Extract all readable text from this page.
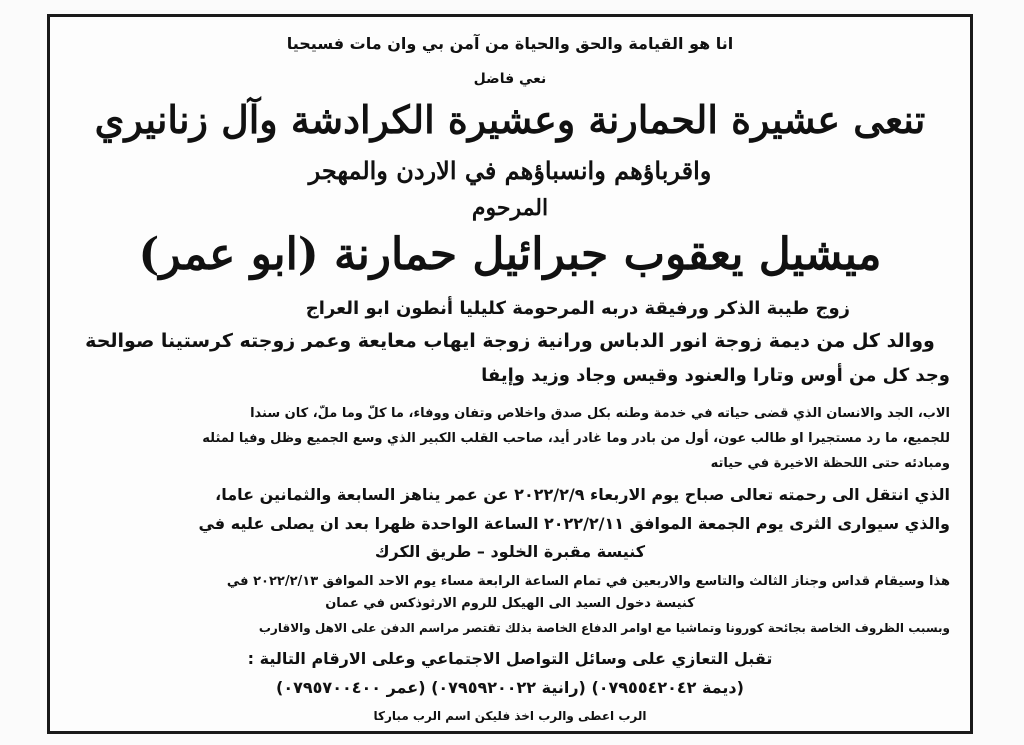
انا هو القيامة والحق والحياة من آمن بي وان مات فسيحيا
نعي فاضل
تنعى عشيرة الحمارنة وعشيرة الكرادشة وآل زنانيري
واقرباؤهم وانسباؤهم في الاردن والمهجر
المرحوم
ميشيل يعقوب جبرائيل حمارنة (ابو عمر)
زوج طيبة الذكر ورفيقة دربه المرحومة كليليا أنطون ابو العراج
ووالد كل من ديمة زوجة انور الدباس ورانية زوجة ايهاب معايعة وعمر زوجته كرستينا صوالحة
وجد كل من أوس وتارا والعنود وقيس وجاد وزيد وإيفا
الاب، الجد والانسان الذي قضى حياته في خدمة وطنه بكل صدق واخلاص وتفان ووفاء، ما كلّ وما ملّ، كان سندا
للجميع، ما رد مستجيرا او طالب عون، أول من بادر وما غادر أيد، صاحب القلب الكبير الذي وسع الجميع وظل وفيا لمثله
ومبادئه حتى اللحظة الاخيرة في حياته
الذي انتقل الى رحمته تعالى صباح يوم الاربعاء ٢٠٢٢/٢/٩ عن عمر يناهز السابعة والثمانين عاما،
والذي سيوارى الثرى يوم الجمعة الموافق ٢٠٢٢/٢/١١ الساعة الواحدة ظهرا بعد ان يصلى عليه في
كنيسة مقبرة الخلود – طريق الكرك
هذا وسيقام قداس وجناز الثالث والتاسع والاربعين في تمام الساعة الرابعة مساء يوم الاحد الموافق ٢٠٢٢/٢/١٣ في
كنيسة دخول السيد الى الهيكل للروم الارثوذكس في عمان
وبسبب الظروف الخاصة بجائحة كورونا وتماشيا مع اوامر الدفاع الخاصة بذلك تقتصر مراسم الدفن على الاهل والاقارب
تقبل التعازي على وسائل التواصل الاجتماعي وعلى الارقام التالية :
(ديمة ٠٧٩٥٥٤٢٠٤٢) (رانية ٠٧٩٥٩٢٠٠٢٢) (عمر ٠٧٩٥٧٠٠٤٠٠)
الرب اعطى والرب اخذ فليكن اسم الرب مباركا
